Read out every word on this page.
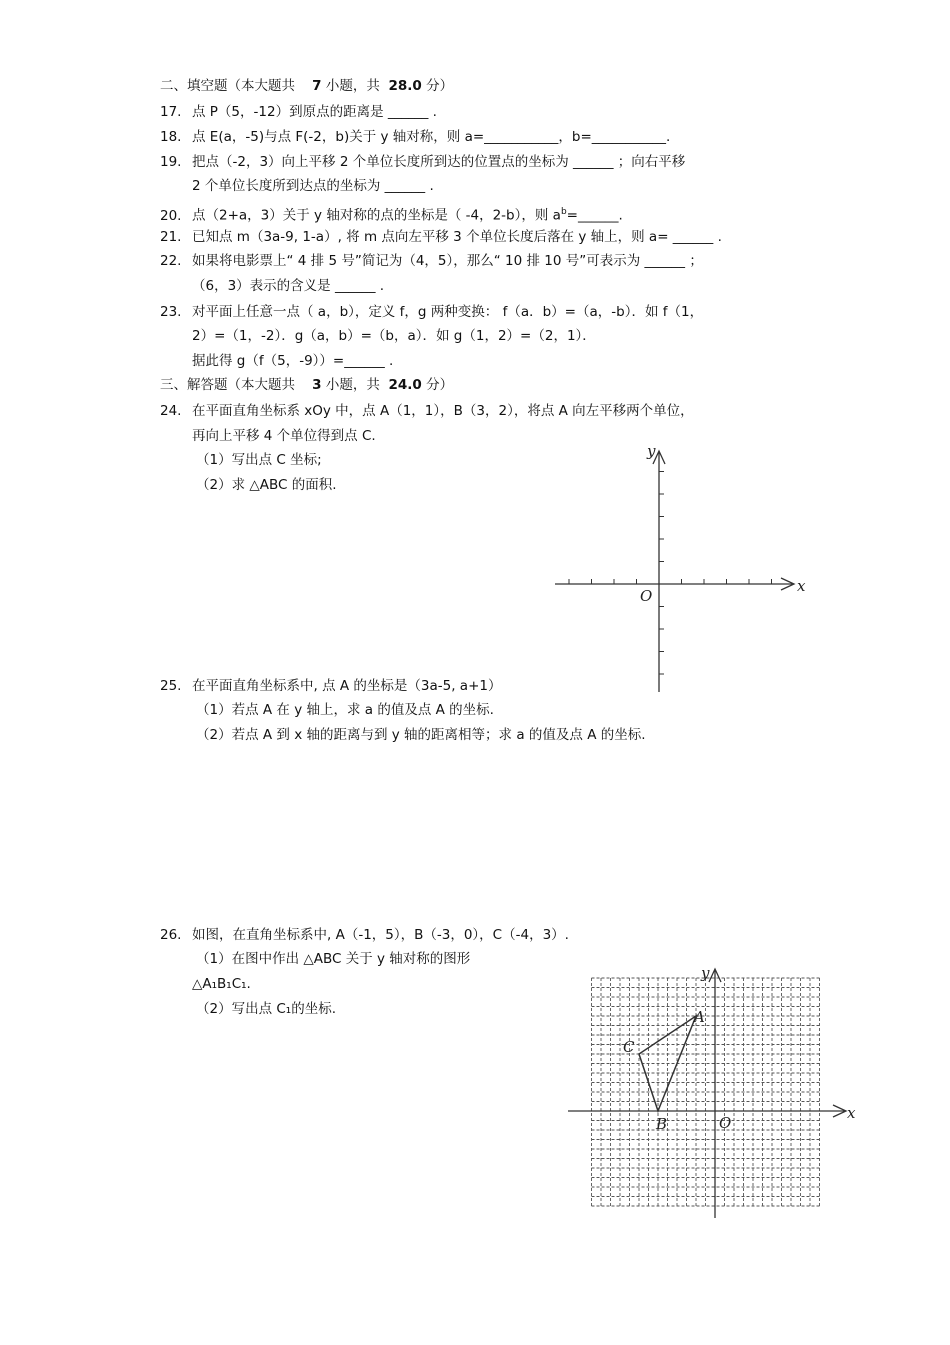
二、填空题（本大题共 7 小题，共 28.0 分）
17. 点 P（5，-12）到原点的距离是 ______ .
18. 点 E(a，-5)与点 F(-2，b)关于 y 轴对称，则 a=___________，b=___________.
19. 把点（-2，3）向上平移 2 个单位长度所到达的位置点的坐标为 ______ ；向右平移
2 个单位长度所到达点的坐标为 ______ .
20. 点（2+a，3）关于 y 轴对称的点的坐标是（ -4，2-b），则 $a^b=\_\_\_\_\_\_$.
21. 已知点 m（3a-9, 1-a）, 将 m 点向左平移 3 个单位长度后落在 y 轴上，则 a= ______ .
22. 如果将电影票上“ 4 排 5 号”简记为（4，5），那么“ 10 排 10 号”可表示为 ______ ；
（6，3）表示的含义是 ______ .
23. 对平面上任意一点（ a，b），定义 f，g 两种变换： f（a．b）=（a，-b）．如 f（1，
2）=（1，-2）．g（a，b）=（b，a）．如 g（1，2）=（2，1）．
据此得 g（f（5，-9））=______ .
三、解答题（本大题共 3 小题，共 24.0 分）
24. 在平面直角坐标系 xOy 中，点 A（1，1），B（3，2），将点 A 向左平移两个单位，
再向上平移 4 个单位得到点 C.
（1）写出点 C 坐标;
（2）求 △ABC 的面积.
x
y
O
25. 在平面直角坐标系中, 点 A 的坐标是（3a-5, a+1）
（1）若点 A 在 y 轴上，求 a 的值及点 A 的坐标.
（2）若点 A 到 x 轴的距离与到 y 轴的距离相等；求 a 的值及点 A 的坐标.
26. 如图，在直角坐标系中, A（-1，5），B（-3，0），C（-4，3）.
（1）在图中作出 △ABC 关于 y 轴对称的图形
△A₁B₁C₁.
（2）写出点 C₁的坐标.	A
B
C
x
y
O
